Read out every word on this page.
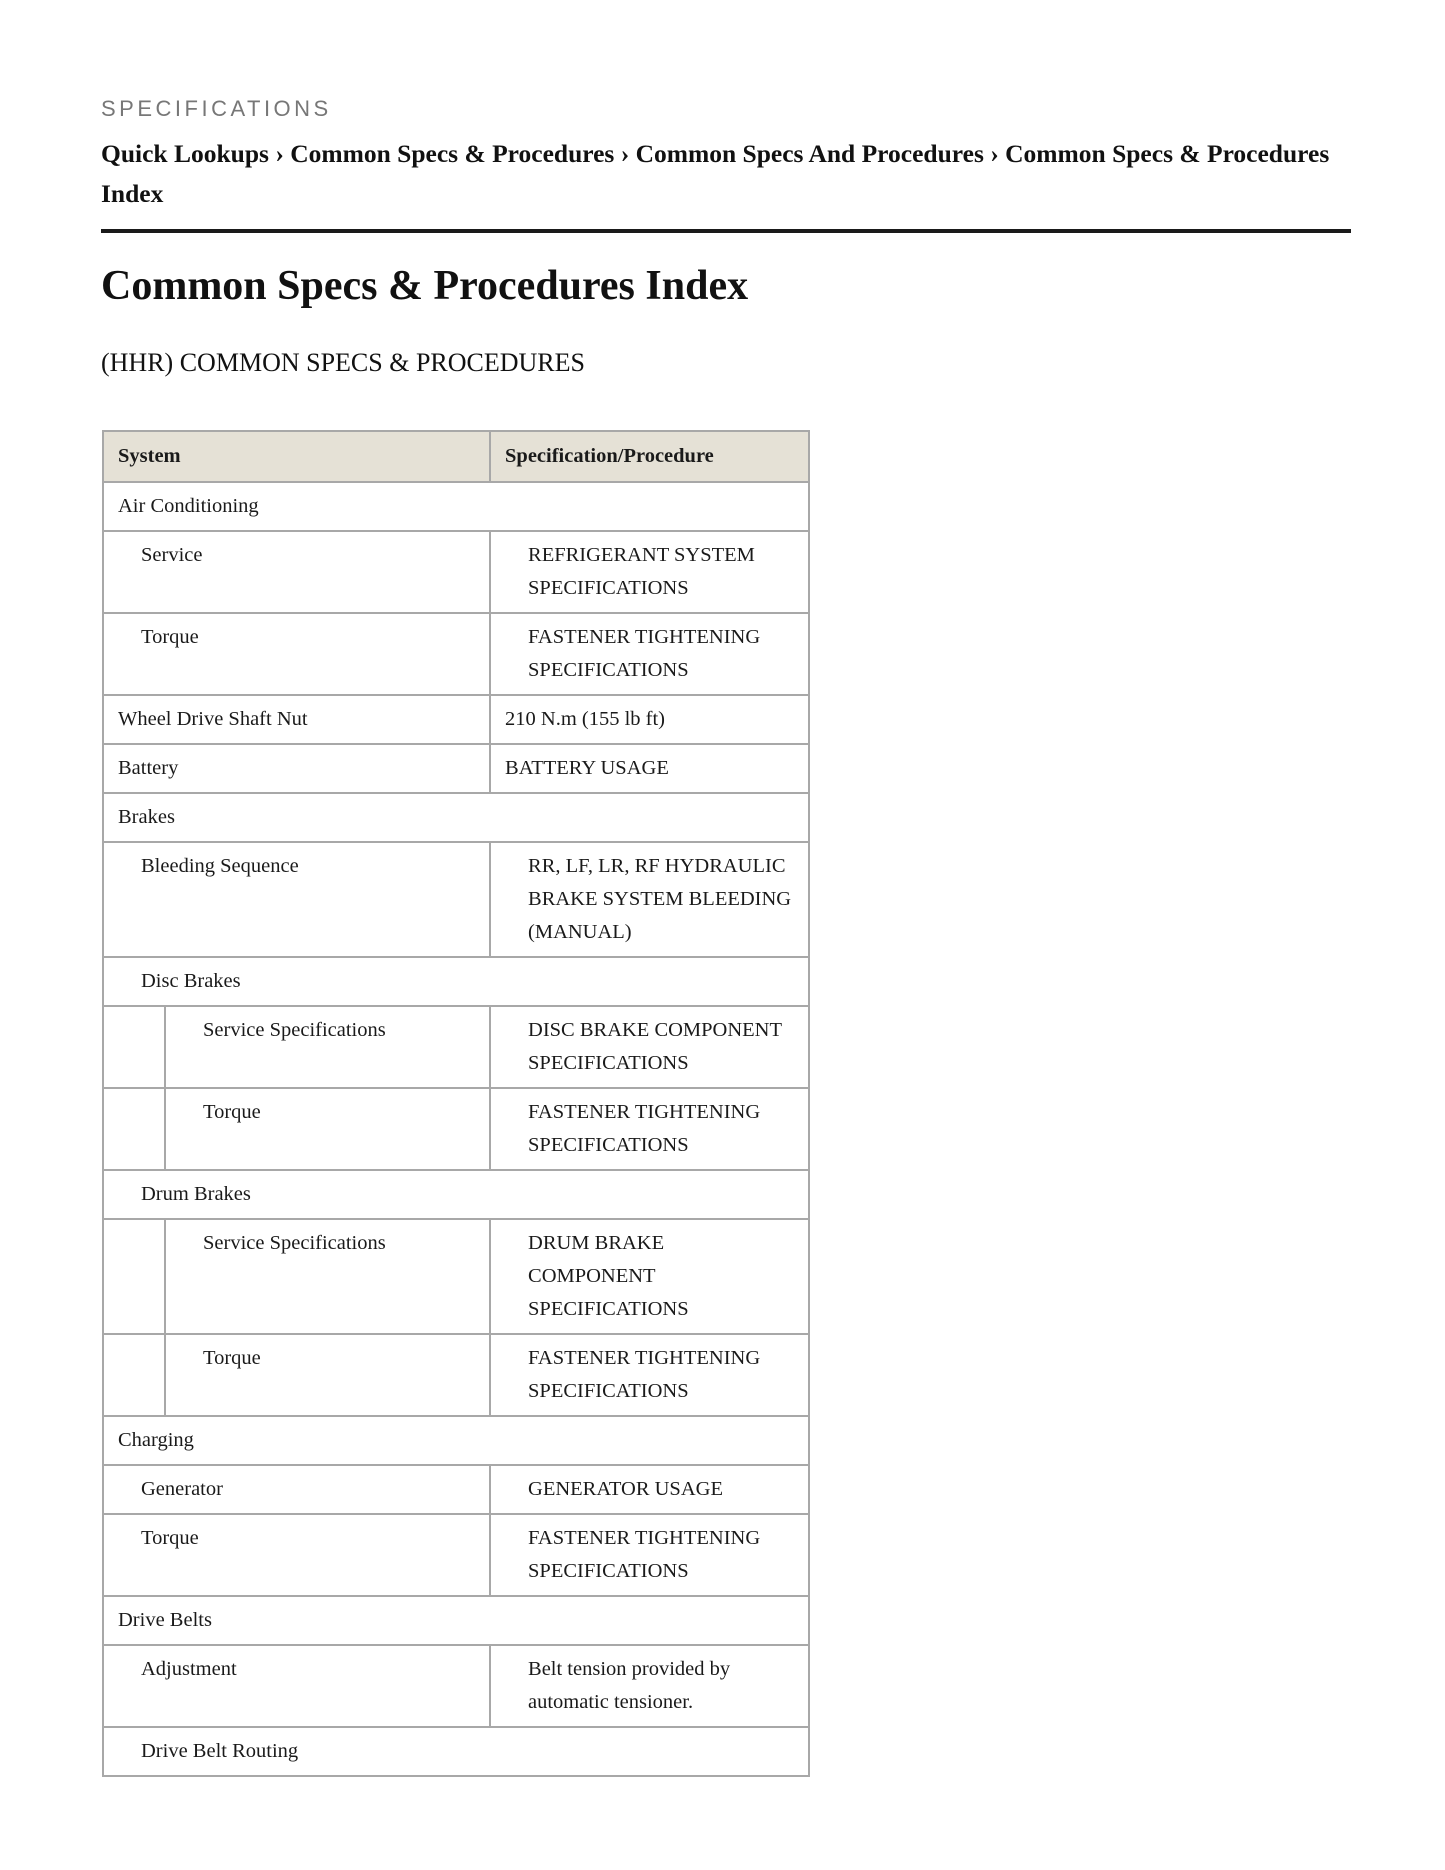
SPECIFICATIONS
Quick Lookups › Common Specs & Procedures › Common Specs And Procedures › Common Specs & Procedures Index
Common Specs & Procedures Index
(HHR) COMMON SPECS & PROCEDURES
System		Specification/Procedure
Air Conditioning		
Service		REFRIGERANT SYSTEM SPECIFICATIONS
Torque		FASTENER TIGHTENING SPECIFICATIONS
Wheel Drive Shaft Nut		210 N.m (155 lb ft)
Battery		BATTERY USAGE
Brakes		
Bleeding Sequence		RR, LF, LR, RF HYDRAULIC BRAKE SYSTEM BLEEDING (MANUAL)
Disc Brakes		
	Service Specifications	DISC BRAKE COMPONENT SPECIFICATIONS
	Torque	FASTENER TIGHTENING SPECIFICATIONS
Drum Brakes		
	Service Specifications	DRUM BRAKE COMPONENT SPECIFICATIONS
	Torque	FASTENER TIGHTENING SPECIFICATIONS
Charging		
Generator		GENERATOR USAGE
Torque		FASTENER TIGHTENING SPECIFICATIONS
Drive Belts		
Adjustment		Belt tension provided by automatic tensioner.
Drive Belt Routing		
